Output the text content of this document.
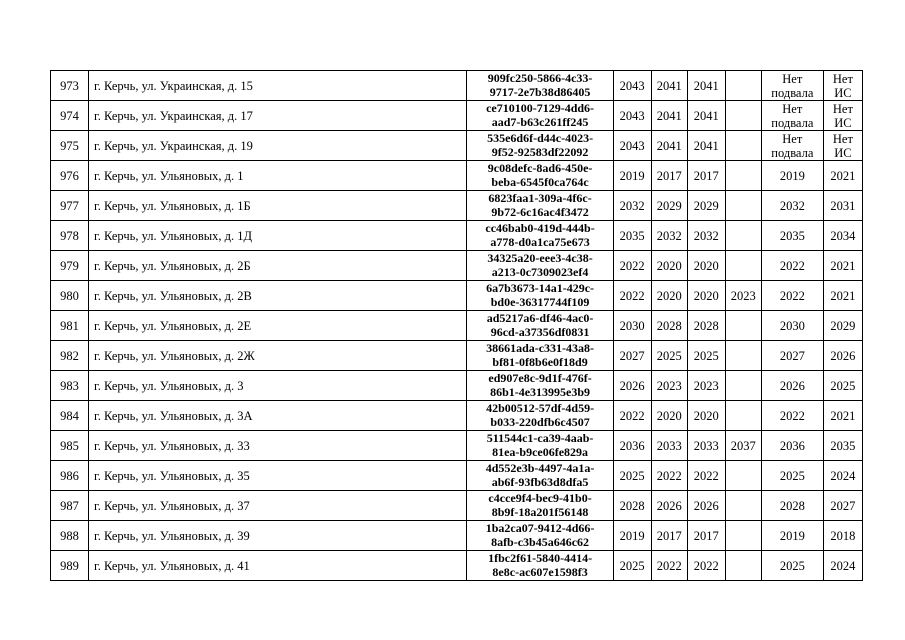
973	г. Керчь, ул. Украинская, д. 15	909fc250-5866-4c33-
9717-2e7b38d86405	2043	2041	2041		Нет подвала	Нет ИС
974	г. Керчь, ул. Украинская, д. 17	ce710100-7129-4dd6-
aad7-b63c261ff245	2043	2041	2041		Нет подвала	Нет ИС
975	г. Керчь, ул. Украинская, д. 19	535e6d6f-d44c-4023-
9f52-92583df22092	2043	2041	2041		Нет подвала	Нет ИС
976	г. Керчь, ул. Ульяновых, д. 1	9c08defc-8ad6-450e-
beba-6545f0ca764c	2019	2017	2017		2019	2021
977	г. Керчь, ул. Ульяновых, д. 1Б	6823faa1-309a-4f6c-
9b72-6c16ac4f3472	2032	2029	2029		2032	2031
978	г. Керчь, ул. Ульяновых, д. 1Д	cc46bab0-419d-444b-
a778-d0a1ca75e673	2035	2032	2032		2035	2034
979	г. Керчь, ул. Ульяновых, д. 2Б	34325a20-eee3-4c38-
a213-0c7309023ef4	2022	2020	2020		2022	2021
980	г. Керчь, ул. Ульяновых, д. 2В	6a7b3673-14a1-429c-
bd0e-36317744f109	2022	2020	2020	2023	2022	2021
981	г. Керчь, ул. Ульяновых, д. 2Е	ad5217a6-df46-4ac0-
96cd-a37356df0831	2030	2028	2028		2030	2029
982	г. Керчь, ул. Ульяновых, д. 2Ж	38661ada-c331-43a8-
bf81-0f8b6e0f18d9	2027	2025	2025		2027	2026
983	г. Керчь, ул. Ульяновых, д. 3	ed907e8c-9d1f-476f-
86b1-4e313995e3b9	2026	2023	2023		2026	2025
984	г. Керчь, ул. Ульяновых, д. 3А	42b00512-57df-4d59-
b033-220dfb6c4507	2022	2020	2020		2022	2021
985	г. Керчь, ул. Ульяновых, д. 33	511544c1-ca39-4aab-
81ea-b9ce06fe829a	2036	2033	2033	2037	2036	2035
986	г. Керчь, ул. Ульяновых, д. 35	4d552e3b-4497-4a1a-
ab6f-93fb63d8dfa5	2025	2022	2022		2025	2024
987	г. Керчь, ул. Ульяновых, д. 37	c4cce9f4-bec9-41b0-
8b9f-18a201f56148	2028	2026	2026		2028	2027
988	г. Керчь, ул. Ульяновых, д. 39	1ba2ca07-9412-4d66-
8afb-c3b45a646c62	2019	2017	2017		2019	2018
989	г. Керчь, ул. Ульяновых, д. 41	1fbc2f61-5840-4414-
8e8c-ac607e1598f3	2025	2022	2022		2025	2024
